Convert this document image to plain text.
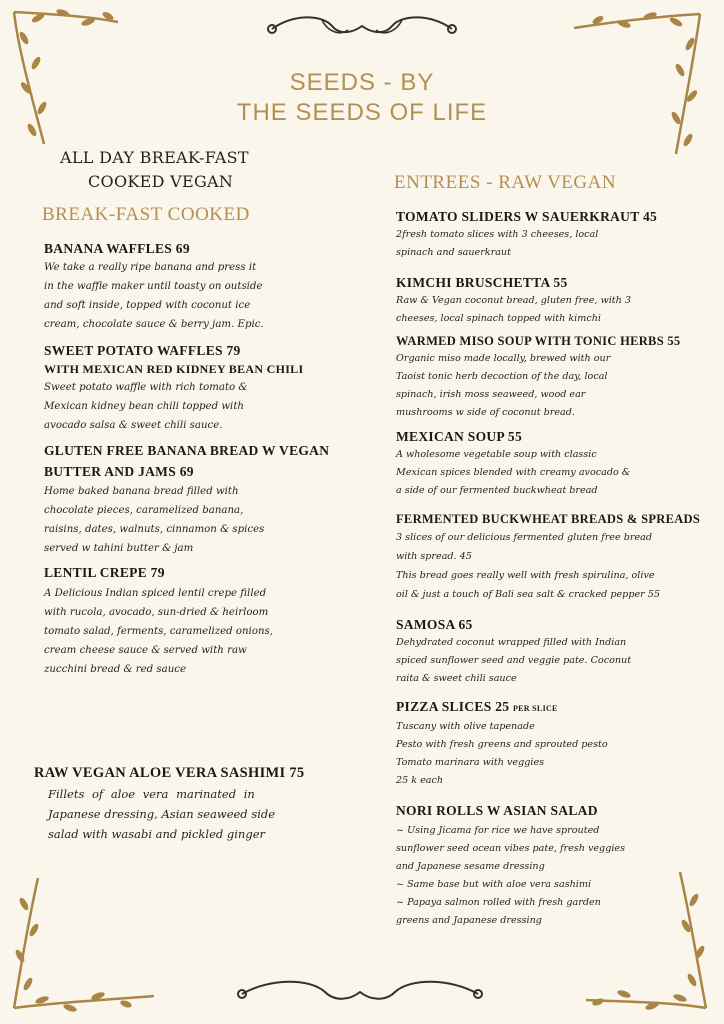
SEEDS - BY
THE SEEDS OF LIFE
ALL DAY BREAK-FAST
COOKED VEGAN
BREAK-FAST COOKED
BANANA WAFFLES 69
We take a really ripe banana and press it
in the waffle maker until toasty on outside
and soft inside, topped with coconut ice
cream, chocolate sauce & berry jam. Epic.
SWEET POTATO WAFFLES 79
WITH MEXICAN RED KIDNEY BEAN CHILI
Sweet potato waffle with rich tomato &
Mexican kidney bean chili topped with
avocado salsa & sweet chili sauce.
GLUTEN FREE BANANA BREAD W VEGAN
BUTTER AND JAMS 69
Home baked banana bread filled with
chocolate pieces, caramelized banana,
raisins, dates, walnuts, cinnamon & spices
served w tahini butter & jam
LENTIL CREPE 79
A Delicious Indian spiced lentil crepe filled
with rucola, avocado, sun-dried & heirloom
tomato salad, ferments, caramelized onions,
cream cheese sauce & served with raw
zucchini bread & red sauce
RAW VEGAN ALOE VERA SASHIMI 75
Fillets of aloe vera marinated in
Japanese dressing, Asian seaweed side
salad with wasabi and pickled ginger
ENTREES - RAW VEGAN
TOMATO SLIDERS W SAUERKRAUT 45
2fresh tomato slices with 3 cheeses, local
spinach and sauerkraut
KIMCHI BRUSCHETTA 55
Raw & Vegan coconut bread, gluten free, with 3
cheeses, local spinach topped with kimchi
WARMED MISO SOUP WITH TONIC HERBS 55
Organic miso made locally, brewed with our
Taoist tonic herb decoction of the day, local
spinach, irish moss seaweed, wood ear
mushrooms w side of coconut bread.
MEXICAN SOUP 55
A wholesome vegetable soup with classic
Mexican spices blended with creamy avocado &
a side of our fermented buckwheat bread
FERMENTED BUCKWHEAT BREADS & SPREADS
3 slices of our delicious fermented gluten free bread
with spread. 45
This bread goes really well with fresh spirulina, olive
oil & just a touch of Bali sea salt & cracked pepper 55
SAMOSA 65
Dehydrated coconut wrapped filled with Indian
spiced sunflower seed and veggie pate. Coconut
raita & sweet chili sauce
PIZZA SLICES 25 PER SLICE
Tuscany with olive tapenade
Pesto with fresh greens and sprouted pesto
Tomato marinara with veggies
25 k each
NORI ROLLS W ASIAN SALAD
~ Using Jicama for rice we have sprouted
sunflower seed ocean vibes pate, fresh veggies
and Japanese sesame dressing
~ Same base but with aloe vera sashimi
~ Papaya salmon rolled with fresh garden
greens and Japanese dressing
